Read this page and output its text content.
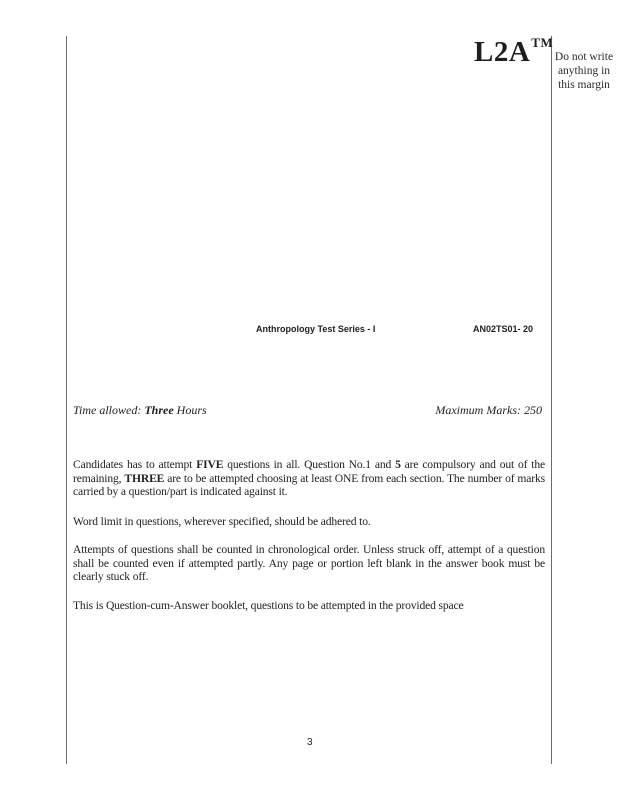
L2A™
Do not write anything in this margin
Anthropology Test Series - I	AN02TS01- 20
Time allowed: Three Hours	Maximum Marks: 250
Candidates has to attempt FIVE questions in all. Question No.1 and 5 are compulsory and out of the remaining, THREE are to be attempted choosing at least ONE from each section. The number of marks carried by a question/part is indicated against it.
Word limit in questions, wherever specified, should be adhered to.
Attempts of questions shall be counted in chronological order. Unless struck off, attempt of a question shall be counted even if attempted partly. Any page or portion left blank in the answer book must be clearly stuck off.
This is Question-cum-Answer booklet, questions to be attempted in the provided space
3
